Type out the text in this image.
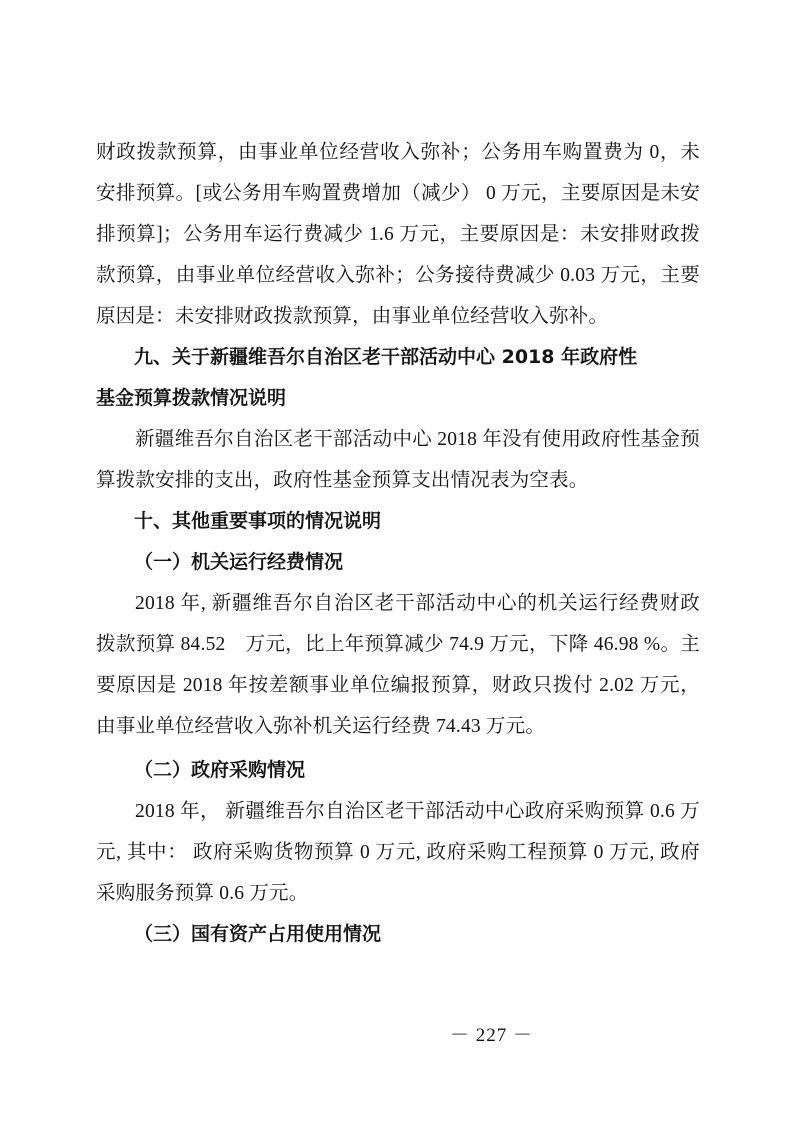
财政拨款预算，由事业单位经营收入弥补；公务用车购置费为 0，未安排预算。[或公务用车购置费增加（减少） 0 万元，主要原因是未安排预算]；公务用车运行费减少 1.6 万元，主要原因是：未安排财政拨款预算，由事业单位经营收入弥补；公务接待费减少 0.03 万元，主要原因是：未安排财政拨款预算，由事业单位经营收入弥补。

九、关于新疆维吾尔自治区老干部活动中心 2018 年政府性

基金预算拨款情况说明

新疆维吾尔自治区老干部活动中心 2018 年没有使用政府性基金预算拨款安排的支出，政府性基金预算支出情况表为空表。

十、其他重要事项的情况说明

（一）机关运行经费情况

2018 年, 新疆维吾尔自治区老干部活动中心的机关运行经费财政拨款预算 84.52　万元，比上年预算减少 74.9 万元，下降 46.98 %。主要原因是 2018 年按差额事业单位编报预算，财政只拨付 2.02 万元，由事业单位经营收入弥补机关运行经费 74.43 万元。

（二）政府采购情况

2018 年， 新疆维吾尔自治区老干部活动中心政府采购预算 0.6 万元, 其中： 政府采购货物预算 0 万元, 政府采购工程预算 0 万元, 政府采购服务预算 0.6 万元。

（三）国有资产占用使用情况

－ 227 －
